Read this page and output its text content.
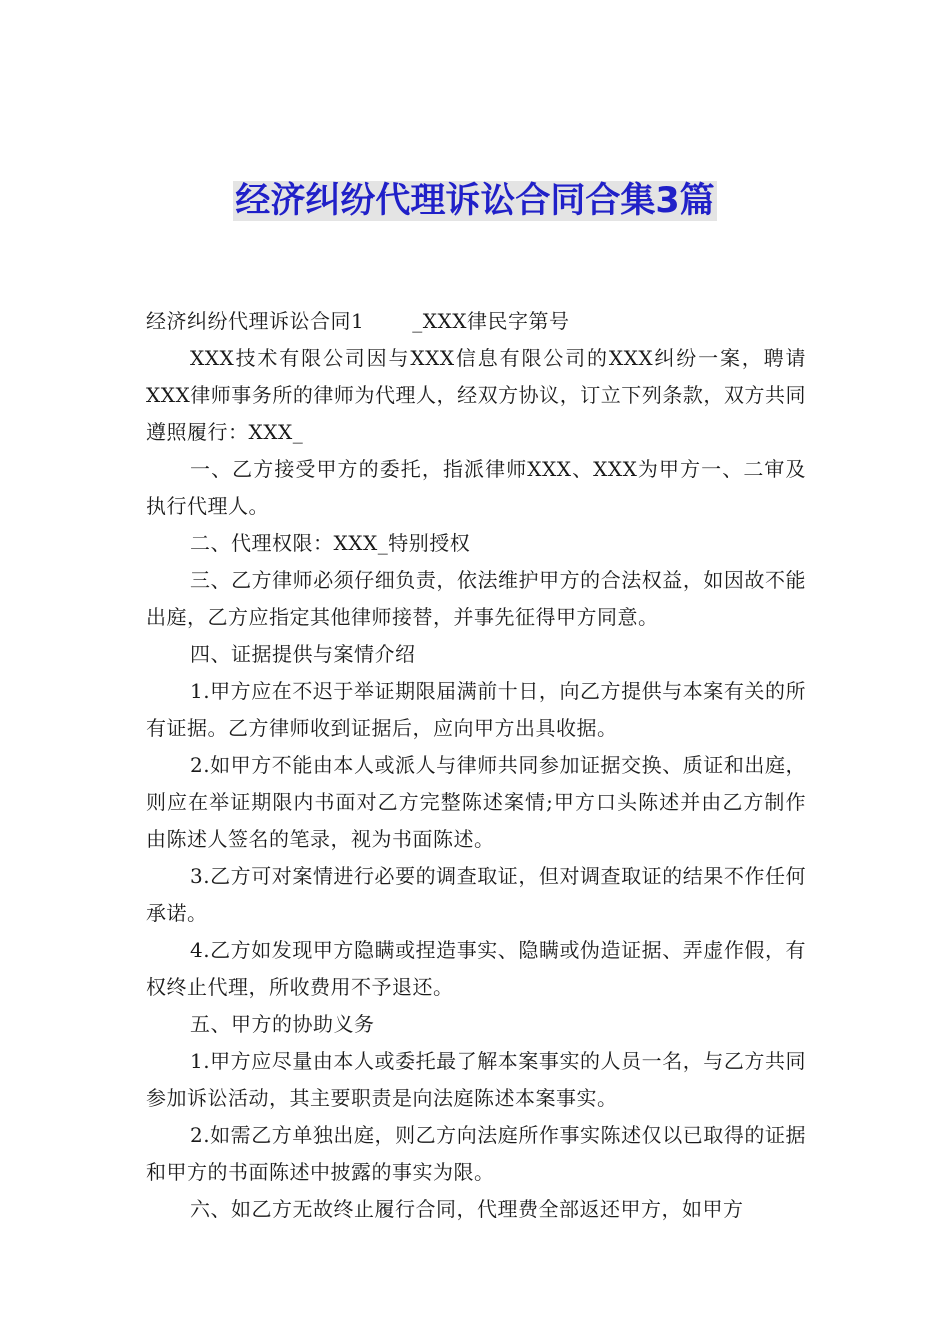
经济纠纷代理诉讼合同合集3篇
经济纠纷代理诉讼合同1 _XXX律民字第号

XXX技术有限公司因与XXX信息有限公司的XXX纠纷一案，聘请XXX律师事务所的律师为代理人，经双方协议，订立下列条款，双方共同遵照履行：XXX_

一、乙方接受甲方的委托，指派律师XXX、XXX为甲方一、二审及执行代理人。

二、代理权限：XXX_特别授权

三、乙方律师必须仔细负责，依法维护甲方的合法权益，如因故不能出庭，乙方应指定其他律师接替，并事先征得甲方同意。

四、证据提供与案情介绍

1.甲方应在不迟于举证期限届满前十日，向乙方提供与本案有关的所有证据。乙方律师收到证据后，应向甲方出具收据。

2.如甲方不能由本人或派人与律师共同参加证据交换、质证和出庭，则应在举证期限内书面对乙方完整陈述案情;甲方口头陈述并由乙方制作由陈述人签名的笔录，视为书面陈述。

3.乙方可对案情进行必要的调查取证，但对调查取证的结果不作任何承诺。

4.乙方如发现甲方隐瞒或捏造事实、隐瞒或伪造证据、弄虚作假，有权终止代理，所收费用不予退还。

五、甲方的协助义务

1.甲方应尽量由本人或委托最了解本案事实的人员一名，与乙方共同参加诉讼活动，其主要职责是向法庭陈述本案事实。

2.如需乙方单独出庭，则乙方向法庭所作事实陈述仅以已取得的证据和甲方的书面陈述中披露的事实为限。

六、如乙方无故终止履行合同，代理费全部返还甲方，如甲方
